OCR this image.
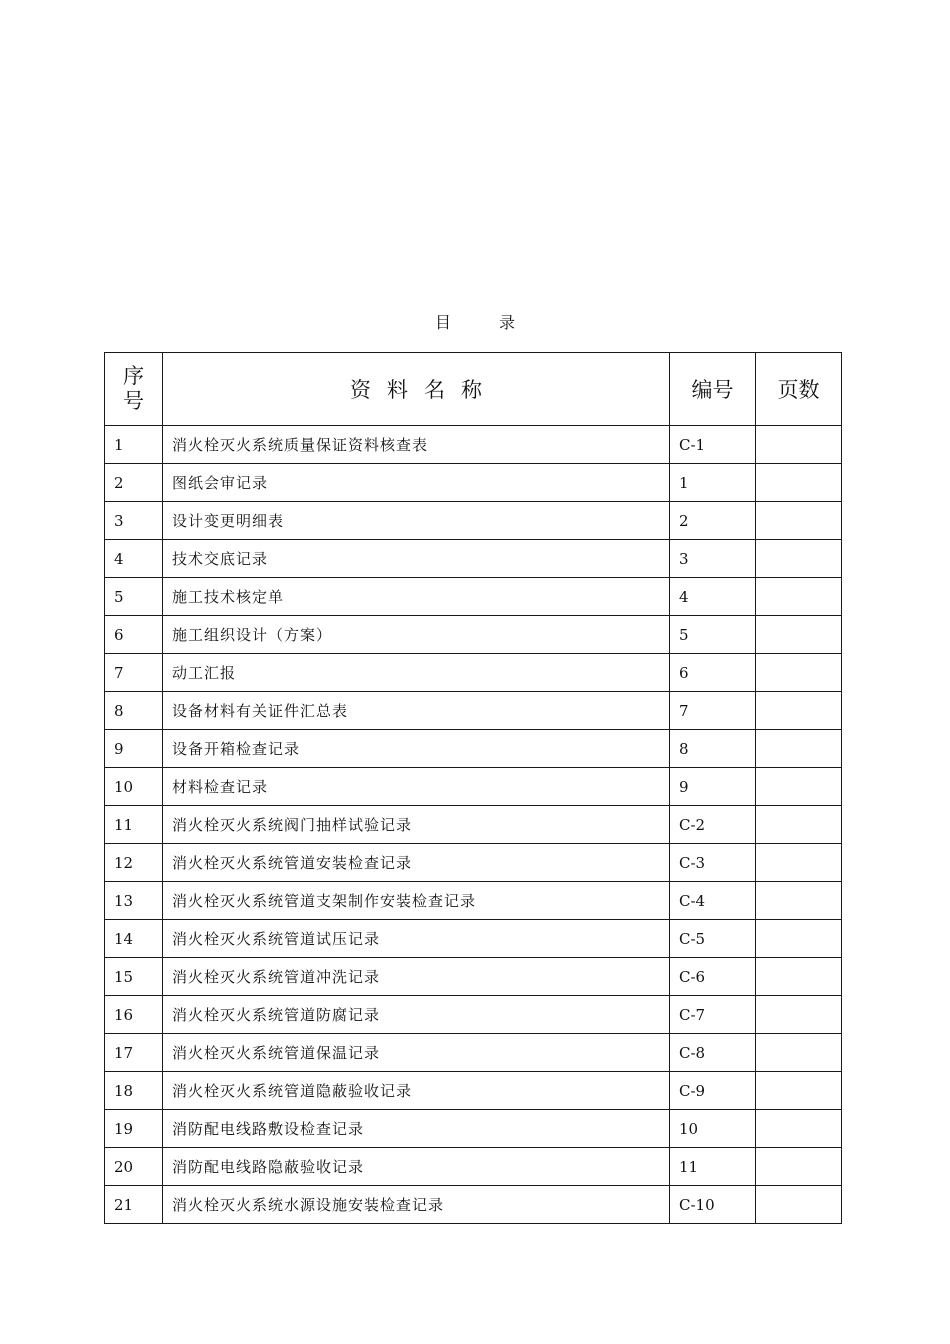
目	录
序
号	资料名称	编号	页数
1	消火栓灭火系统质量保证资料核查表	C-1	
2	图纸会审记录	1	
3	设计变更明细表	2	
4	技术交底记录	3	
5	施工技术核定单	4	
6	施工组织设计（方案）	5	
7	动工汇报	6	
8	设备材料有关证件汇总表	7	
9	设备开箱检查记录	8	
10	材料检查记录	9	
11	消火栓灭火系统阀门抽样试验记录	C-2	
12	消火栓灭火系统管道安装检查记录	C-3	
13	消火栓灭火系统管道支架制作安装检查记录	C-4	
14	消火栓灭火系统管道试压记录	C-5	
15	消火栓灭火系统管道冲洗记录	C-6	
16	消火栓灭火系统管道防腐记录	C-7	
17	消火栓灭火系统管道保温记录	C-8	
18	消火栓灭火系统管道隐蔽验收记录	C-9	
19	消防配电线路敷设检查记录	10	
20	消防配电线路隐蔽验收记录	11	
21	消火栓灭火系统水源设施安装检查记录	C-10	
